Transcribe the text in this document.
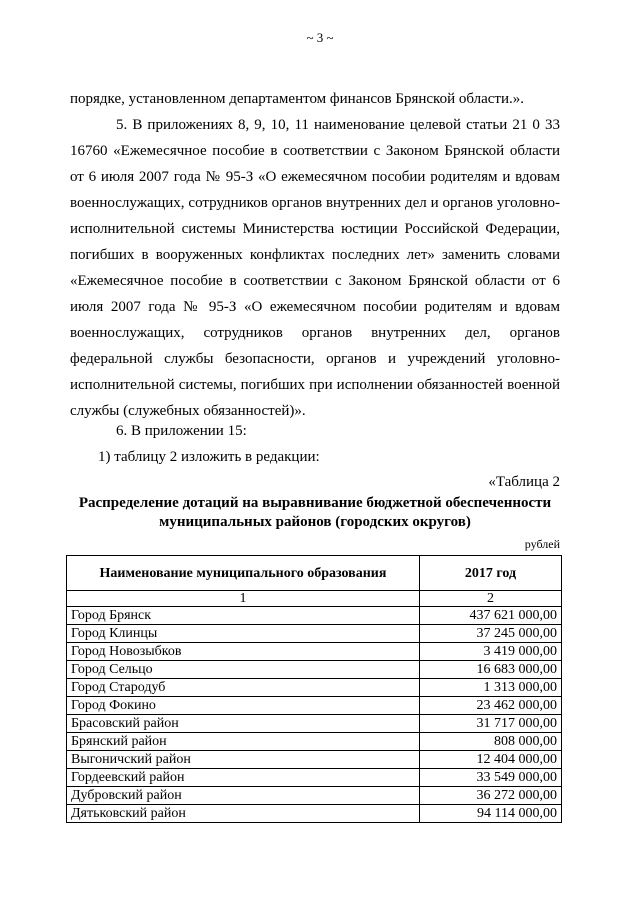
~ 3 ~
порядке, установленном департаментом финансов Брянской области.».
5. В приложениях 8, 9, 10, 11 наименование целевой статьи 21 0 33 16760 «Ежемесячное пособие в соответствии с Законом Брянской области от 6 июля 2007 года № 95-З «О ежемесячном пособии родителям и вдовам военнослужащих, сотрудников органов внутренних дел и органов уголовно-исполнительной системы Министерства юстиции Российской Федерации, погибших в вооруженных конфликтах последних лет» заменить словами «Ежемесячное пособие в соответствии с Законом Брянской области от 6 июля 2007 года № 95-З «О ежемесячном пособии родителям и вдовам военнослужащих, сотрудников органов внутренних дел, органов федеральной службы безопасности, органов и учреждений уголовно-исполнительной системы, погибших при исполнении обязанностей военной службы (служебных обязанностей)».
6. В приложении 15:
1) таблицу 2 изложить в редакции:
«Таблица 2
Распределение дотаций на выравнивание бюджетной обеспеченности муниципальных районов (городских округов)
рублей
Наименование муниципального образования	2017 год
1	2
Город Брянск	437 621 000,00
Город Клинцы	37 245 000,00
Город Новозыбков	3 419 000,00
Город Сельцо	16 683 000,00
Город Стародуб	1 313 000,00
Город Фокино	23 462 000,00
Брасовский район	31 717 000,00
Брянский район	808 000,00
Выгоничский район	12 404 000,00
Гордеевский район	33 549 000,00
Дубровский район	36 272 000,00
Дятьковский район	94 114 000,00
